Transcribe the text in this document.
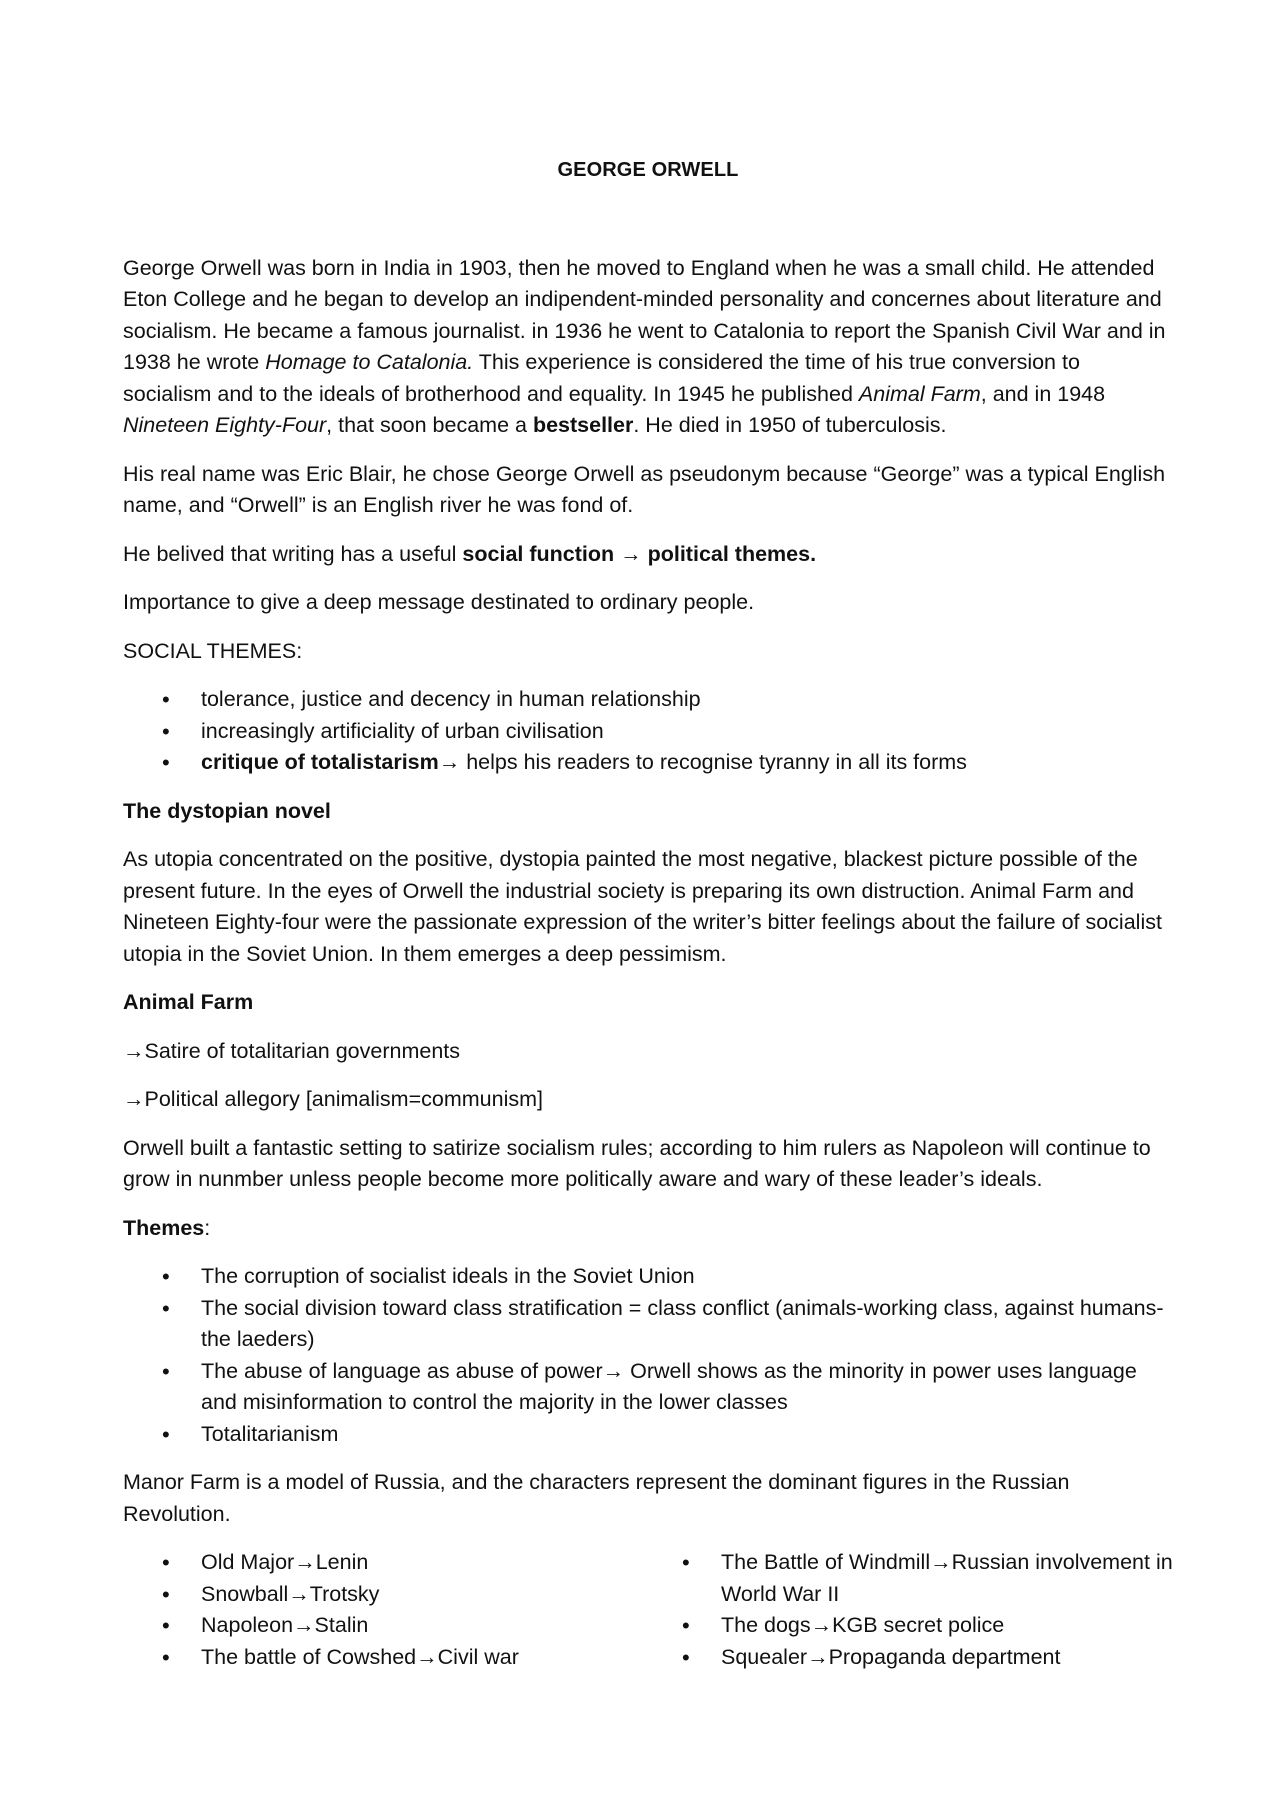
GEORGE ORWELL

George Orwell was born in India in 1903, then he moved to England when he was a small child. He attended Eton College and he began to develop an indipendent-minded personality and concernes about literature and socialism. He became a famous journalist. in 1936 he went to Catalonia to report the Spanish Civil War and in 1938 he wrote Homage to Catalonia. This experience is considered the time of his true conversion to socialism and to the ideals of brotherhood and equality. In 1945 he published Animal Farm, and in 1948 Nineteen Eighty-Four, that soon became a bestseller. He died in 1950 of tuberculosis.

His real name was Eric Blair, he chose George Orwell as pseudonym because “George” was a typical English name, and “Orwell” is an English river he was fond of.

He belived that writing has a useful social function → political themes.

Importance to give a deep message destinated to ordinary people.

SOCIAL THEMES:

• tolerance, justice and decency in human relationship
• increasingly artificiality of urban civilisation
• critique of totalistarism→ helps his readers to recognise tyranny in all its forms
The dystopian novel

As utopia concentrated on the positive, dystopia painted the most negative, blackest picture possible of the present future. In the eyes of Orwell the industrial society is preparing its own distruction. Animal Farm and Nineteen Eighty-four were the passionate expression of the writer’s bitter feelings about the failure of socialist utopia in the Soviet Union. In them emerges a deep pessimism.

Animal Farm

→Satire of totalitarian governments

→Political allegory [animalism=communism]

Orwell built a fantastic setting to satirize socialism rules; according to him rulers as Napoleon will continue to grow in nunmber unless people become more politically aware and wary of these leader’s ideals.

Themes:

• The corruption of socialist ideals in the Soviet Union
• The social division toward class stratification = class conflict (animals-working class, against humans-the laeders)
• The abuse of language as abuse of power→ Orwell shows as the minority in power uses language and misinformation to control the majority in the lower classes
• Totalitarianism

Manor Farm is a model of Russia, and the characters represent the dominant figures in the Russian Revolution.

• Old Major→Lenin
• Snowball→Trotsky
• Napoleon→Stalin
• The battle of Cowshed→Civil war
• The Battle of Windmill→Russian involvement in World War II
• The dogs→KGB secret police
• Squealer→Propaganda department
